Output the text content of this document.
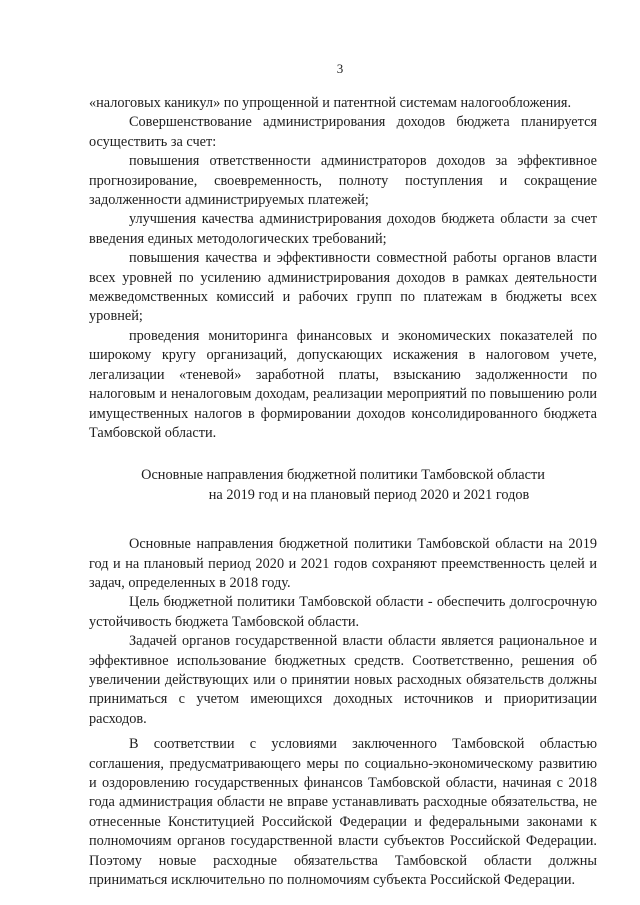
3

«налоговых каникул» по упрощенной и патентной системам налогообложения.

Совершенствование администрирования доходов бюджета планируется осуществить за счет:

повышения ответственности администраторов доходов за эффективное прогнозирование, своевременность, полноту поступления и сокращение задолженности администрируемых платежей;

улучшения качества администрирования доходов бюджета области за счет введения единых методологических требований;

повышения качества и эффективности совместной работы органов власти всех уровней по усилению администрирования доходов в рамках деятельности межведомственных комиссий и рабочих групп по платежам в бюджеты всех уровней;

проведения мониторинга финансовых и экономических показателей по широкому кругу организаций, допускающих искажения в налоговом учете, легализации «теневой» заработной платы, взысканию задолженности по налоговым и неналоговым доходам, реализации мероприятий по повышению роли имущественных налогов в формировании доходов консолидированного бюджета Тамбовской области.

Основные направления бюджетной политики Тамбовской области
на 2019 год и на плановый период 2020 и 2021 годов

Основные направления бюджетной политики Тамбовской области на 2019 год и на плановый период 2020 и 2021 годов сохраняют преемственность целей и задач, определенных в 2018 году.

Цель бюджетной политики Тамбовской области - обеспечить долгосрочную устойчивость бюджета Тамбовской области.

Задачей органов государственной власти области является рациональное и эффективное использование бюджетных средств. Соответственно, решения об увеличении действующих или о принятии новых расходных обязательств должны приниматься с учетом имеющихся доходных источников и приоритизации расходов.

В соответствии с условиями заключенного Тамбовской областью соглашения, предусматривающего меры по социально-экономическому развитию и оздоровлению государственных финансов Тамбовской области, начиная с 2018 года администрация области не вправе устанавливать расходные обязательства, не отнесенные Конституцией Российской Федерации и федеральными законами к полномочиям органов государственной власти субъектов Российской Федерации. Поэтому новые расходные обязательства Тамбовской области должны приниматься исключительно по полномочиям субъекта Российской Федерации.
